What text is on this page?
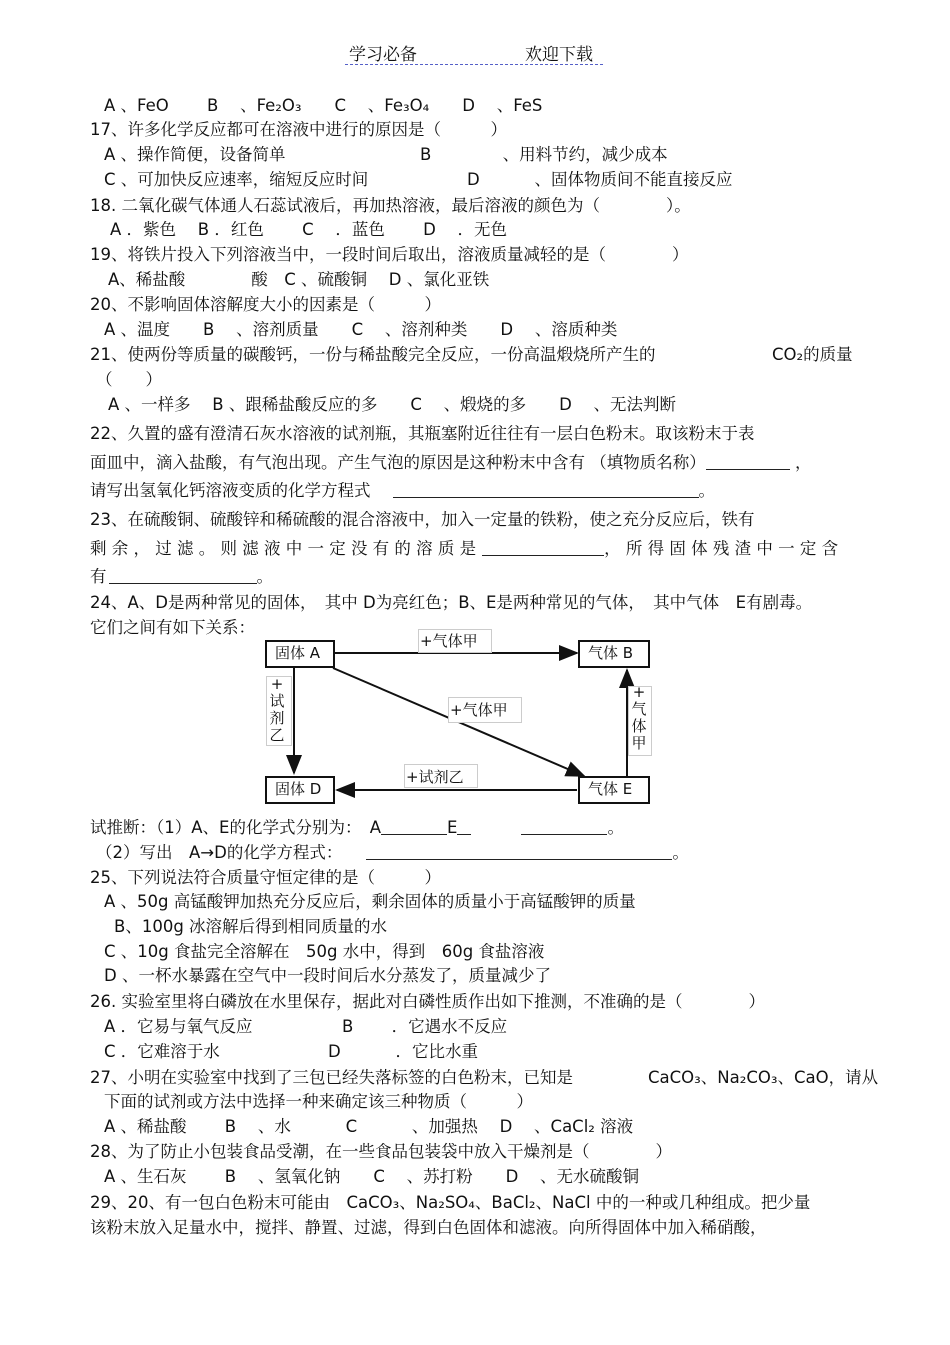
学习必备	欢迎下载
A 、FeO　　 B 　、Fe₂O₃　　C 　、Fe₃O₄　　D 　、FeS
17、许多化学反应都可在溶液中进行的原因是（　　　）
A 、操作简便，设备简单	B 　　　　、用料节约，减少成本
C 、可加快反应速率，缩短反应时间	D 　　　、固体物质间不能直接反应
18. 二氧化碳气体通人石蕊试液后，再加热溶液，最后溶液的颜色为（　　　　）。
A ．紫色　 B ．红色　　 C 　．蓝色　　 D 　．无色
19、将铁片投入下列溶液当中，一段时间后取出，溶液质量减轻的是（　　　　）
A、稀盐酸　　　　酸　C 、硫酸铜　 D 、氯化亚铁
20、不影响固体溶解度大小的因素是（　　　）
A 、温度　　B 　、溶剂质量　　C 　、溶剂种类　　D 　、溶质种类
21、使两份等质量的碳酸钙，一份与稀盐酸完全反应，一份高温煅烧所产生的	CO₂的质量
（　　）
A 、一样多　 B 、跟稀盐酸反应的多　　C 　、煅烧的多　　D 　、无法判断
22、久置的盛有澄清石灰水溶液的试剂瓶，其瓶塞附近往往有一层白色粉末。取该粉末于表
面皿中，滴入盐酸，有气泡出现。产生气泡的原因是这种粉末中含有 （填物质名称）	，
请写出氢氧化钙溶液变质的化学方程式	。
23、在硫酸铜、硫酸锌和稀硫酸的混合溶液中，加入一定量的铁粉，使之充分反应后，铁有
剩 余 ， 过 滤 。 则 滤 液 中 一 定 没 有 的 溶 质 是	， 所 得 固 体 残 渣 中 一 定 含
有	。
24、A、D是两种常见的固体，　其中 D为亮红色；B、E是两种常见的气体，　其中气体　E有剧毒。
它们之间有如下关系：
固体 A	气体 B
固体 D	气体 E
+气体甲
+气体甲
+试剂乙
+
气
体
甲
+
试
剂
乙
试推断：（1）A、E的化学式分别为：　A	E	。
（2）写出　A→D的化学方程式：	。
25、下列说法符合质量守恒定律的是（　　　）
A 、50g 高锰酸钾加热充分反应后，剩余固体的质量小于高锰酸钾的质量
B、100g 冰溶解后得到相同质量的水
C 、10g 食盐完全溶解在　50g 水中，得到　60g 食盐溶液
D 、一杯水暴露在空气中一段时间后水分蒸发了，质量减少了
26. 实验室里将白磷放在水里保存，据此对白磷性质作出如下推测，不准确的是（　　　　）
A ．它易与氧气反应	B 　　．它遇水不反应
C ．它难溶于水	D 　　　．它比水重
27、小明在实验室中找到了三包已经失落标签的白色粉末，已知是	CaCO₃、Na₂CO₃、CaO，请从
下面的试剂或方法中选择一种来确定该三种物质（　　　）
A 、稀盐酸　　 B 　、水　　　 C 　　　、加强热　 D 　、CaCl₂ 溶液
28、为了防止小包装食品受潮，在一些食品包装袋中放入干燥剂是（　　　　）
A 、生石灰　　 B 　、氢氧化钠　　C 　、苏打粉　　D 　、无水硫酸铜
29、20、有一包白色粉末可能由　CaCO₃、Na₂SO₄、BaCl₂、NaCl 中的一种或几种组成。把少量
该粉末放入足量水中，搅拌、静置、过滤，得到白色固体和滤液。向所得固体中加入稀硝酸，
